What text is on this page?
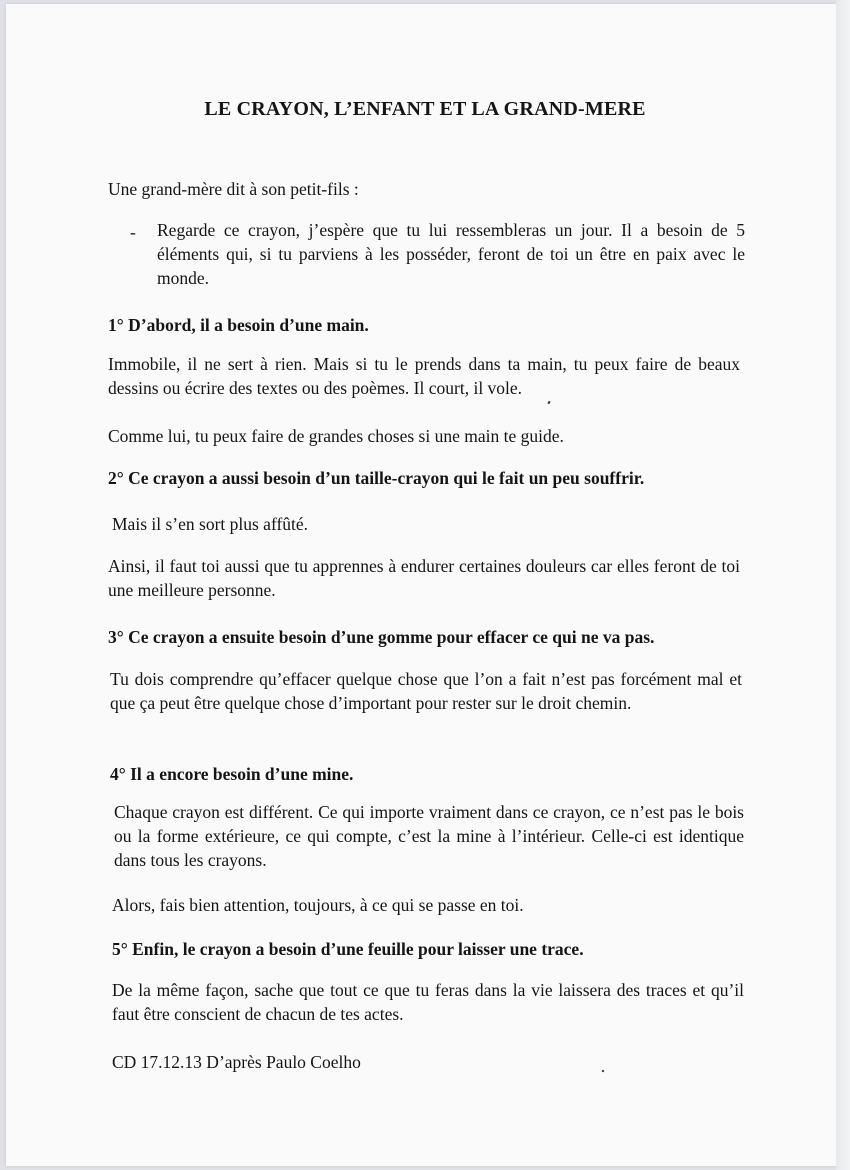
LE CRAYON, L’ENFANT ET LA GRAND-MERE
Une grand-mère dit à son petit-fils :
- Regarde ce crayon, j’espère que tu lui ressembleras un jour. Il a besoin de 5 éléments qui, si tu parviens à les posséder, feront de toi un être en paix avec le monde.
1° D’abord, il a besoin d’une main.
Immobile, il ne sert à rien. Mais si tu le prends dans ta main, tu peux faire de beaux dessins ou écrire des textes ou des poèmes. Il court, il vole.
Comme lui, tu peux faire de grandes choses si une main te guide.
2° Ce crayon a aussi besoin d’un taille-crayon qui le fait un peu souffrir.
Mais il s’en sort plus affûté.
Ainsi, il faut toi aussi que tu apprennes à endurer certaines douleurs car elles feront de toi une meilleure personne.
3° Ce crayon a ensuite besoin d’une gomme pour effacer ce qui ne va pas.
Tu dois comprendre qu’effacer quelque chose que l’on a fait n’est pas forcément mal et que ça peut être quelque chose d’important pour rester sur le droit chemin.
4° Il a encore besoin d’une mine.
Chaque crayon est différent. Ce qui importe vraiment dans ce crayon, ce n’est pas le bois ou la forme extérieure, ce qui compte, c’est la mine à l’intérieur. Celle-ci est identique dans tous les crayons.
Alors, fais bien attention, toujours, à ce qui se passe en toi.
5° Enfin, le crayon a besoin d’une feuille pour laisser une trace.
De la même façon, sache que tout ce que tu feras dans la vie laissera des traces et qu’il faut être conscient de chacun de tes actes.
CD 17.12.13 D’après Paulo Coelho
